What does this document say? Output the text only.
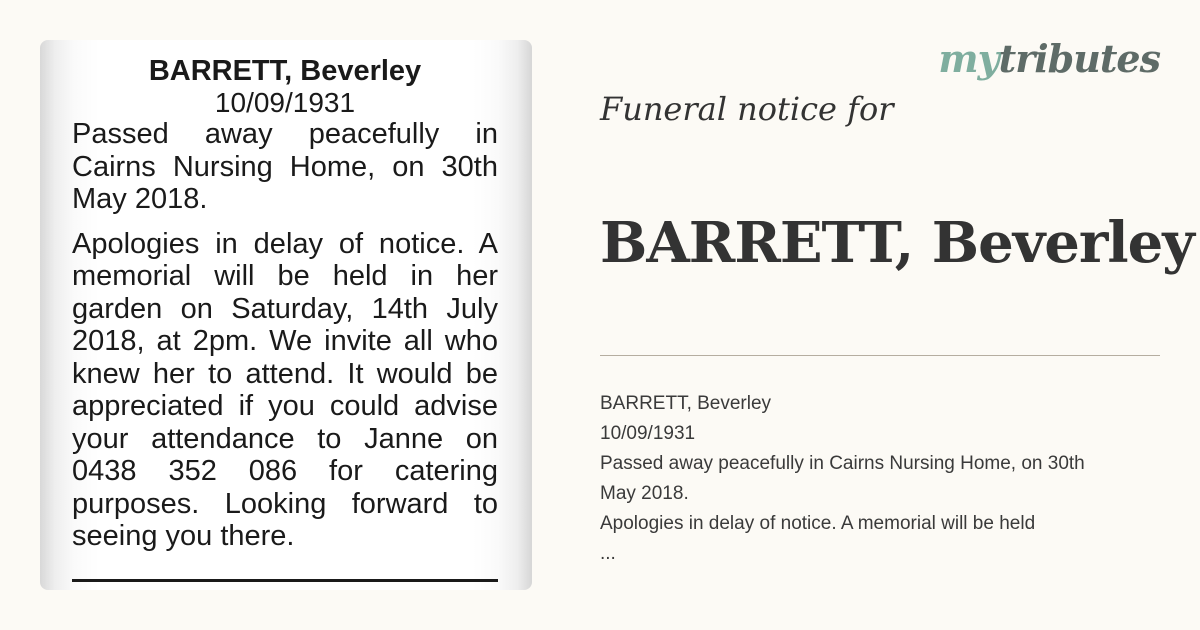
BARRETT, Beverley
10/09/1931

Passed away peacefully in Cairns Nursing Home, on 30th May 2018.

Apologies in delay of notice. A memorial will be held in her garden on Saturday, 14th July 2018, at 2pm. We invite all who knew her to attend. It would be appreciated if you could advise your attendance to Janne on 0438 352 086 for catering purposes. Looking forward to seeing you there.

mytributes
Funeral notice for
BARRETT, Beverley
BARRETT, Beverley
10/09/1931
Passed away peacefully in Cairns Nursing Home, on 30th
May 2018.
Apologies in delay of notice. A memorial will be held
...
